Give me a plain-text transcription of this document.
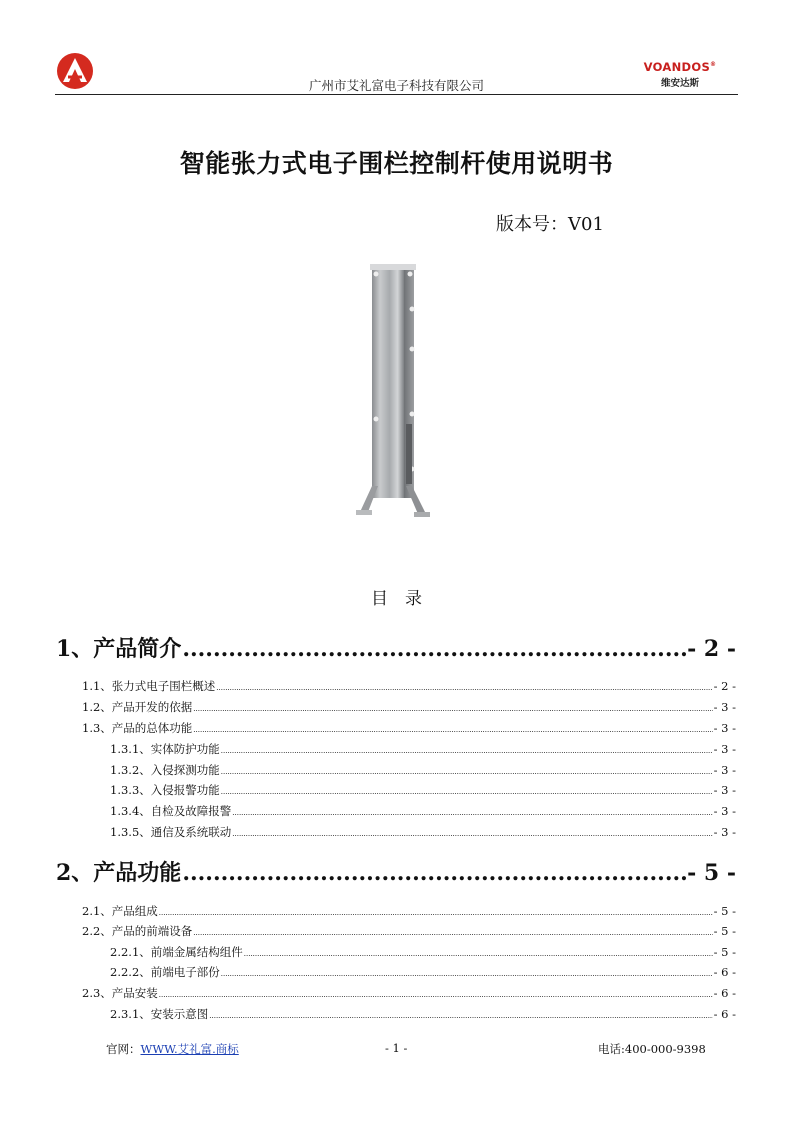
广州市艾礼富电子科技有限公司
VOANDOS®
维安达斯
智能张力式电子围栏控制杆使用说明书
版本号：V01
目　录
1、产品简介 .....	- 2 -
1.1、张力式电子围栏概述 .....	- 2 -
1.2、产品开发的依据 .....	- 3 -
1.3、产品的总体功能 .....	- 3 -
1.3.1、实体防护功能 .....	- 3 -
1.3.2、入侵探测功能 .....	- 3 -
1.3.3、入侵报警功能 .....	- 3 -
1.3.4、自检及故障报警 .....	- 3 -
1.3.5、通信及系统联动 .....	- 3 -
2、产品功能 .....	- 5 -
2.1、产品组成 .....	- 5 -
2.2、产品的前端设备 .....	- 5 -
2.2.1、前端金属结构组件 .....	- 5 -
2.2.2、前端电子部份 .....	- 6 -
2.3、产品安装 .....	- 6 -
2.3.1、安装示意图 .....	- 6 -
官网：WWW.艾礼富.商标	- 1 -	电话:400-000-9398
